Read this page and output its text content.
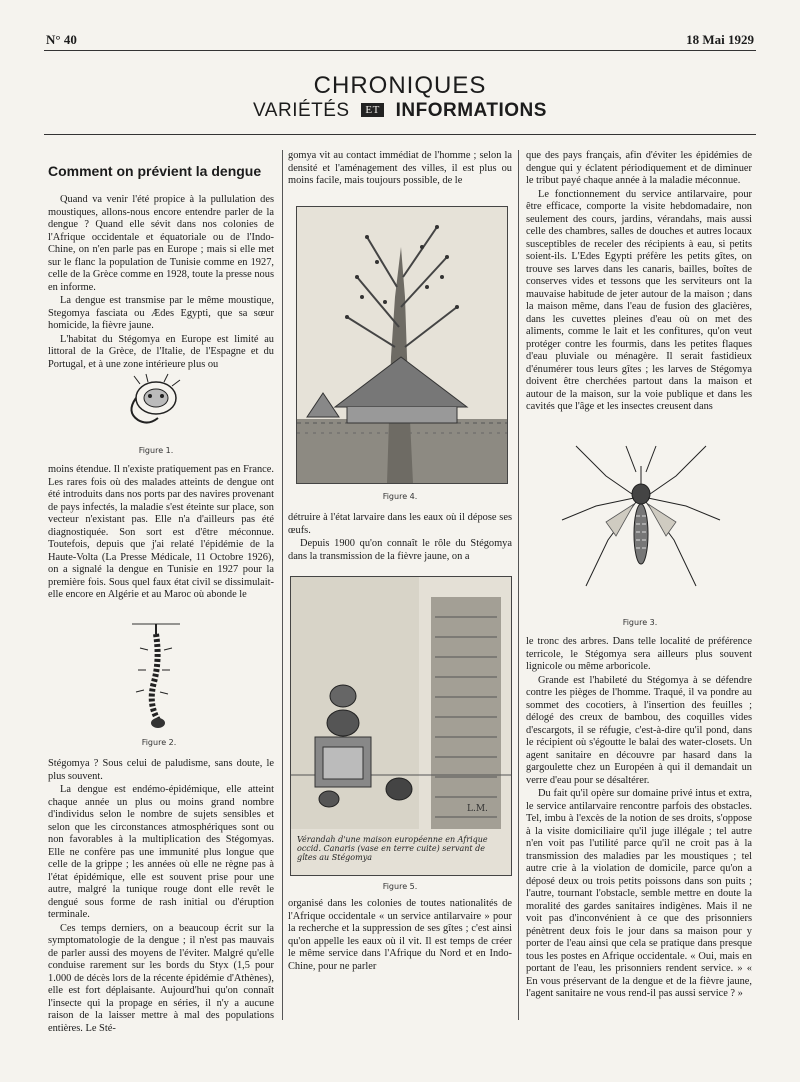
N° 40	18 Mai 1929
CHRONIQUES
VARIÉTÉS ET INFORMATIONS
Comment on prévient la dengue

Quand va venir l'été propice à la pullulation des moustiques, allons-nous encore entendre parler de la dengue ? Quand elle sévit dans nos colonies de l'Afrique occidentale et équatoriale ou de l'Indo-Chine, on n'en parle pas en Europe ; mais si elle met sur le flanc la population de Tunisie comme en 1927, celle de la Grèce comme en 1928, toute la presse nous en informe.

La dengue est transmise par le même moustique, Stegomya fasciata ou Ædes Egypti, que sa sœur homicide, la fièvre jaune.

L'habitat du Stégomya en Europe est limité au littoral de la Grèce, de l'Italie, de l'Espagne et du Portugal, et à une zone intérieure plus ou

Figure 1.

moins étendue. Il n'existe pratiquement pas en France. Les rares fois où des malades atteints de dengue ont été introduits dans nos ports par des navires provenant de pays infectés, la maladie s'est éteinte sur place, son vecteur n'existant pas. Elle n'a d'ailleurs pas été diagnostiquée. Son sort est d'être méconnue. Toutefois, depuis que j'ai relaté l'épidémie de la Haute-Volta (La Presse Médicale, 11 Octobre 1926), on a signalé la dengue en Tunisie en 1927 pour la première fois. Sous quel faux état civil se dissimulait-elle encore en Algérie et au Maroc où abonde le

Figure 2.

Stégomya ? Sous celui de paludisme, sans doute, le plus souvent.

La dengue est endémo-épidémique, elle atteint chaque année un plus ou moins grand nombre d'individus selon le nombre de sujets sensibles et selon que les circonstances atmosphériques sont ou non favorables à la multiplication des Stégomyas. Elle ne confère pas une immunité plus longue que celle de la grippe ; les années où elle ne règne pas à l'état épidémique, elle est souvent prise pour une autre, malgré la tunique rouge dont elle revêt le dengué sous forme de rash initial ou d'éruption terminale.

Ces temps derniers, on a beaucoup écrit sur la symptomatologie de la dengue ; il n'est pas mauvais de parler aussi des moyens de l'éviter. Malgré qu'elle conduise rarement sur les bords du Styx (1,5 pour 1.000 de décès lors de la récente épidémie d'Athènes), elle est fort déplaisante. Aujourd'hui qu'on connaît l'insecte qui la propage en séries, il n'y a aucune raison de la laisser mettre à mal des populations entières. Le Sté-

gomya vit au contact immédiat de l'homme ; selon la densité et l'aménagement des villes, il est plus ou moins facile, mais toujours possible, de le

Figure 4.

détruire à l'état larvaire dans les eaux où il dépose ses œufs.

Depuis 1900 qu'on connaît le rôle du Stégomya dans la transmission de la fièvre jaune, on a

L.M.
Vérandah d'une maison européenne en Afrique occid. Canaris (vase en terre cuite) servant de gîtes au Stégomya
Figure 5.

organisé dans les colonies de toutes nationalités de l'Afrique occidentale « un service antilarvaire » pour la recherche et la suppression de ses gîtes ; c'est ainsi qu'on appelle les eaux où il vit. Il est temps de créer le même service dans l'Afrique du Nord et en Indo-Chine, pour ne parler

que des pays français, afin d'éviter les épidémies de dengue qui y éclatent périodiquement et de diminuer le tribut payé chaque année à la maladie méconnue.

Le fonctionnement du service antilarvaire, pour être efficace, comporte la visite hebdomadaire, non seulement des cours, jardins, vérandahs, mais aussi celle des chambres, salles de douches et autres locaux susceptibles de receler des récipients à eau, si petits soient-ils. L'Edes Egypti préfère les petits gîtes, on trouve ses larves dans les canaris, bailles, boîtes de conserves vides et tessons que les serviteurs ont la mauvaise habitude de jeter autour de la maison ; dans la maison même, dans l'eau de fusion des glacières, dans les cuvettes pleines d'eau où on met des aliments, comme le lait et les confitures, qu'on veut protéger contre les fourmis, dans les petites flaques d'eau pluviale ou ménagère. Il serait fastidieux d'énumérer tous leurs gîtes ; les larves de Stégomya doivent être cherchées partout dans la maison et autour de la maison, sur la voie publique et dans les cavités que l'âge et les insectes creusent dans

Figure 3.

le tronc des arbres. Dans telle localité de préférence terricole, le Stégomya sera ailleurs plus souvent lignicole ou même arboricole.

Grande est l'habileté du Stégomya à se défendre contre les pièges de l'homme. Traqué, il va pondre au sommet des cocotiers, à l'insertion des feuilles ; délogé des creux de bambou, des coquilles vides d'escargots, il se réfugie, c'est-à-dire qu'il pond, dans le récipient où s'égoutte le balai des water-closets. Un agent sanitaire en découvre par hasard dans la gargoulette chez un Européen à qui il demandait un verre d'eau pour se désaltérer.

Du fait qu'il opère sur domaine privé intus et extra, le service antilarvaire rencontre parfois des obstacles. Tel, imbu à l'excès de la notion de ses droits, s'oppose à la visite domiciliaire qu'il juge illégale ; tel autre n'en voit pas l'utilité parce qu'il ne croit pas à la transmission des maladies par les moustiques ; tel autre crie à la violation de domicile, parce qu'on a déposé deux ou trois petits poissons dans son puits ; l'autre, tournant l'obstacle, semble mettre en doute la moralité des gardes sanitaires indigènes. Mais il ne voit pas d'inconvénient à ce que des prisonniers pénètrent deux fois le jour dans sa maison pour y porter de l'eau ainsi que cela se pratique dans presque tous les postes en Afrique occidentale. « Oui, mais en portant de l'eau, les prisonniers rendent service. » « En vous préservant de la dengue et de la fièvre jaune, l'agent sanitaire ne vous rend-il pas aussi service ? »
